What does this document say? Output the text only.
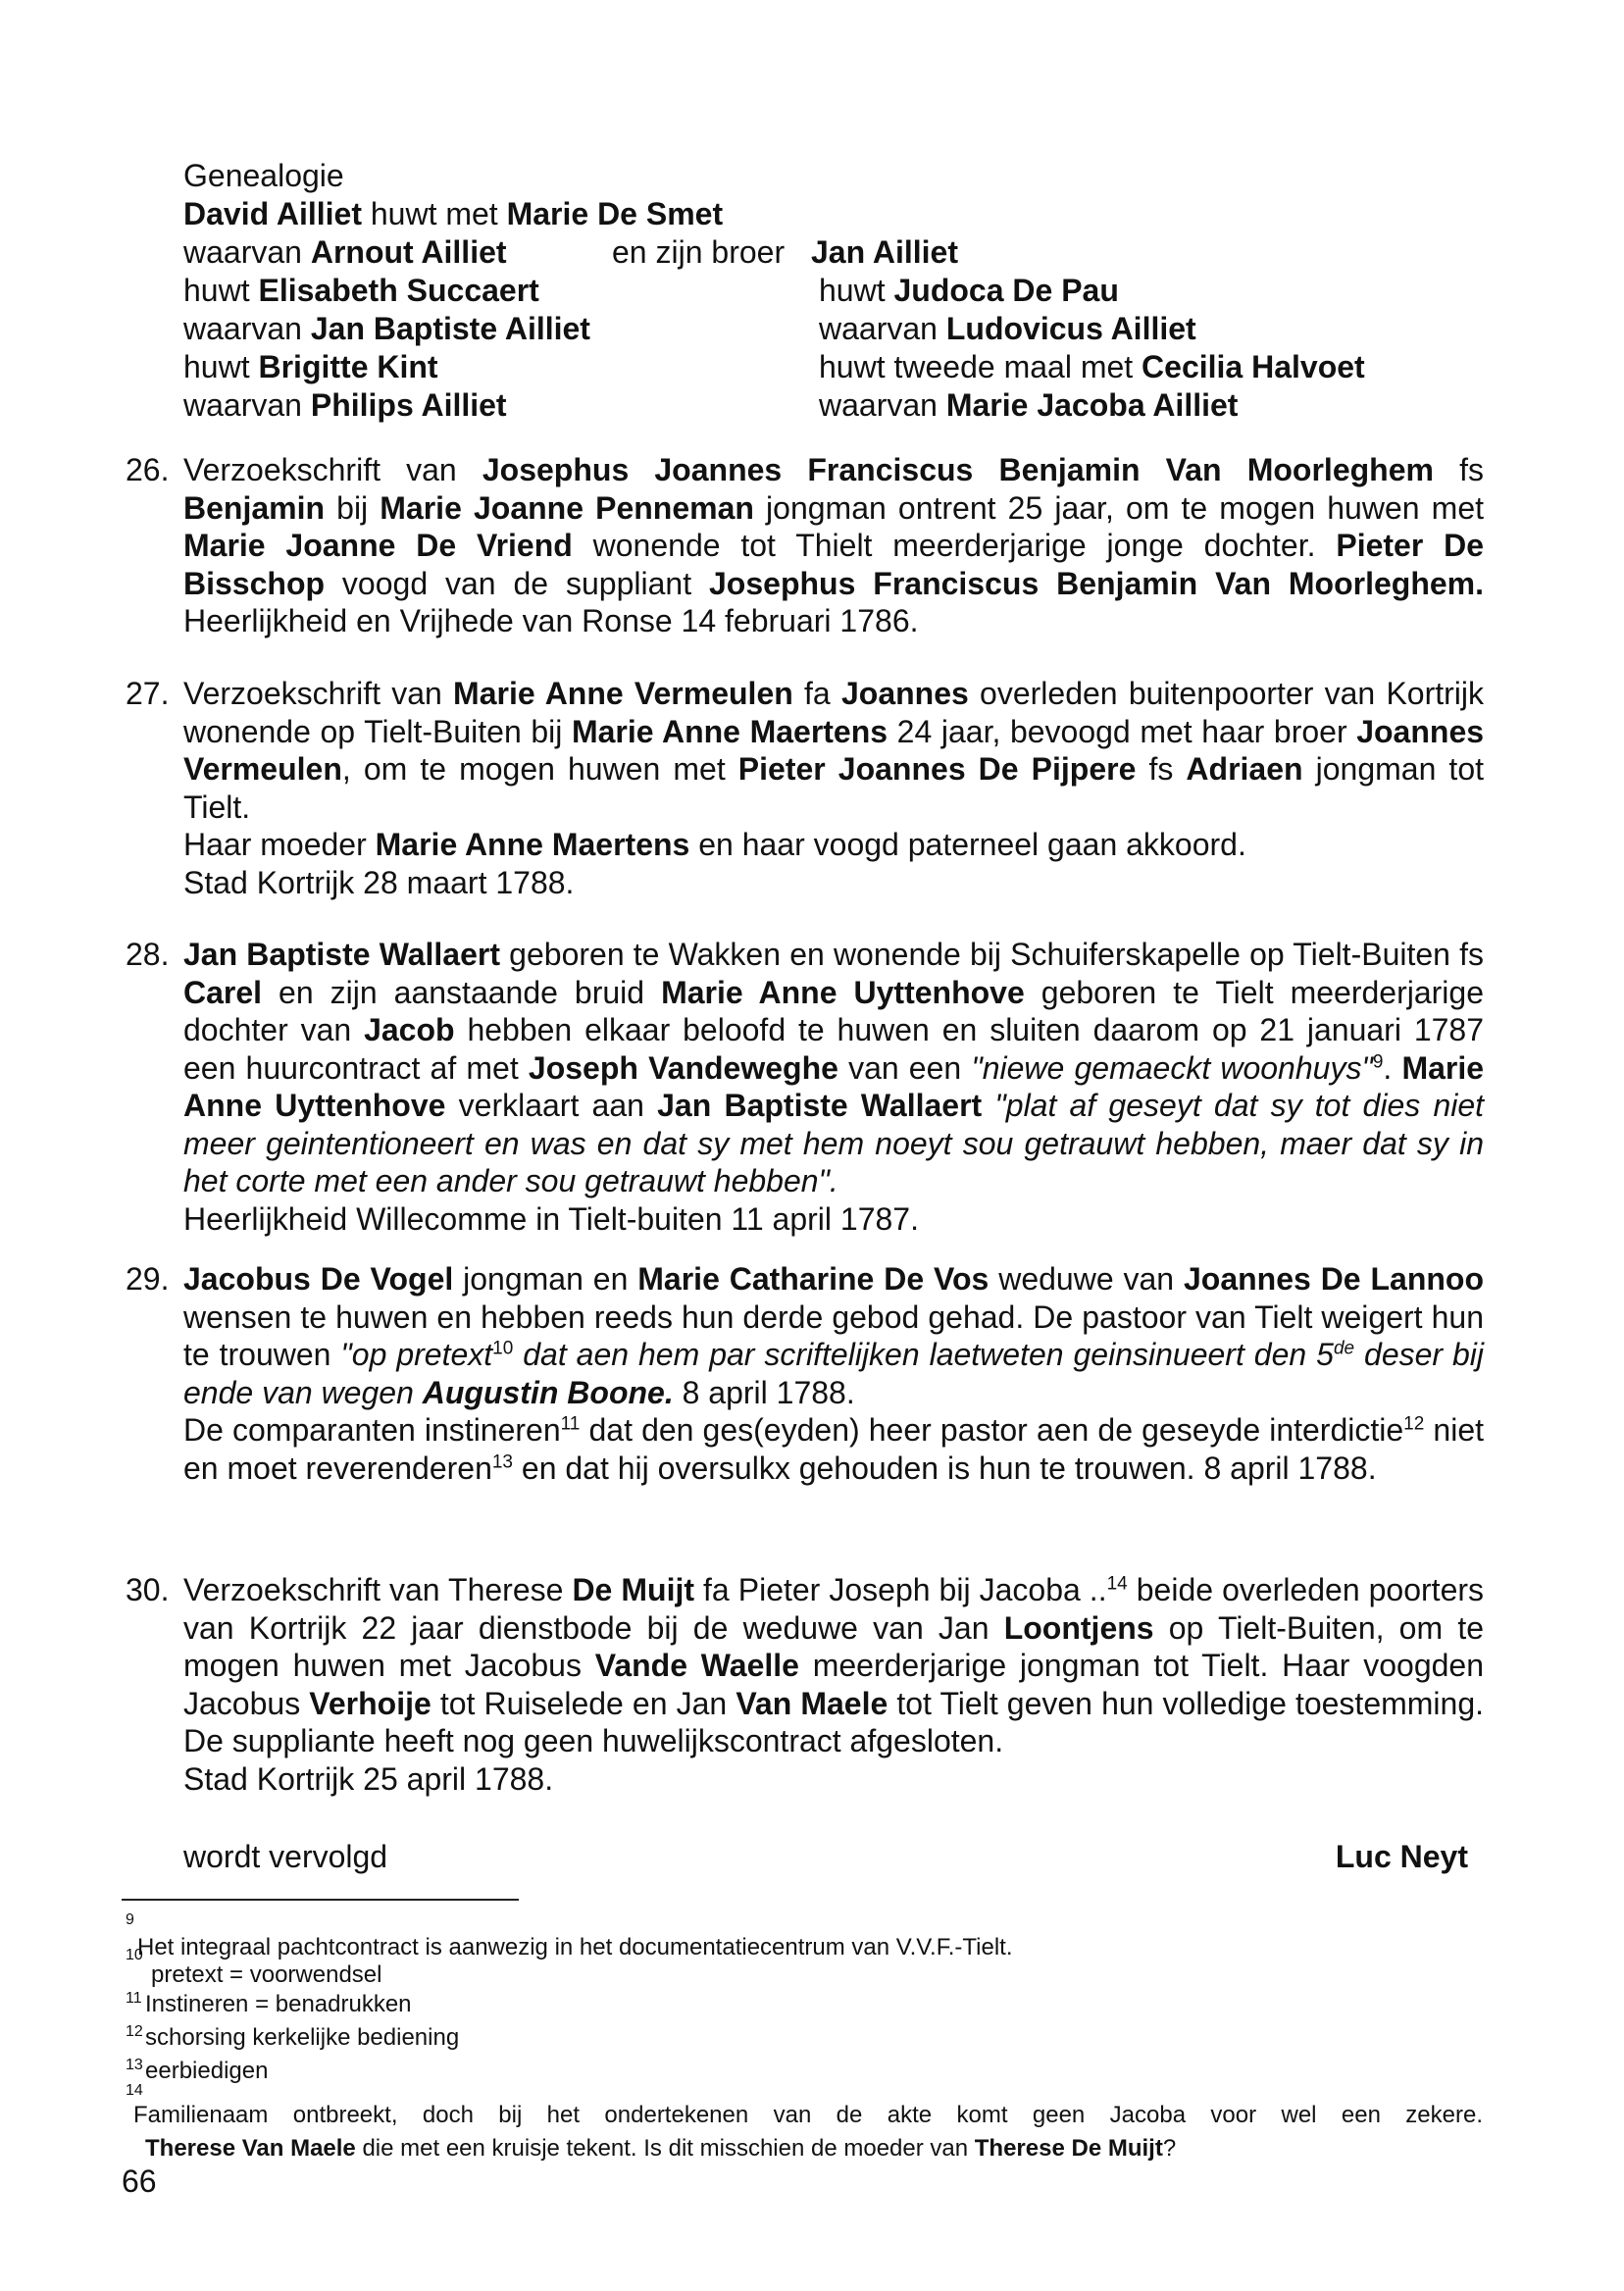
Genealogie
David Ailliet huwt met Marie De Smet
waarvan Arnout Ailliet	en zijn broer Jan Ailliet
huwt Elisabeth Succaert	huwt Judoca De Pau
waarvan Jan Baptiste Ailliet	waarvan Ludovicus Ailliet
huwt Brigitte Kint	huwt tweede maal met Cecilia Halvoet
waarvan Philips Ailliet	waarvan Marie Jacoba Ailliet
26. Verzoekschrift van Josephus Joannes Franciscus Benjamin Van Moorleghem fs Benjamin bij Marie Joanne Penneman jongman ontrent 25 jaar, om te mogen huwen met Marie Joanne De Vriend wonende tot Thielt meerderjarige jonge dochter. Pieter De Bisschop voogd van de suppliant Josephus Franciscus Benjamin Van Moorleghem. Heerlijkheid en Vrijhede van Ronse 14 februari 1786.

27. Verzoekschrift van Marie Anne Vermeulen fa Joannes overleden buitenpoorter van Kortrijk wonende op Tielt-Buiten bij Marie Anne Maertens 24 jaar, bevoogd met haar broer Joannes Vermeulen, om te mogen huwen met Pieter Joannes De Pijpere fs Adriaen jongman tot Tielt.

Haar moeder Marie Anne Maertens en haar voogd paterneel gaan akkoord.

Stad Kortrijk 28 maart 1788.

28. Jan Baptiste Wallaert geboren te Wakken en wonende bij Schuiferskapelle op Tielt-Buiten fs Carel en zijn aanstaande bruid Marie Anne Uyttenhove geboren te Tielt meerderjarige dochter van Jacob hebben elkaar beloofd te huwen en sluiten daarom op 21 januari 1787 een huurcontract af met Joseph Vandeweghe van een "niewe gemaeckt woonhuys"$^9$. Marie Anne Uyttenhove verklaart aan Jan Baptiste Wallaert "plat af geseyt dat sy tot dies niet meer geintentioneert en was en dat sy met hem noeyt sou getrauwt hebben, maer dat sy in het corte met een ander sou getrauwt hebben".

Heerlijkheid Willecomme in Tielt-buiten 11 april 1787.

29. Jacobus De Vogel jongman en Marie Catharine De Vos weduwe van Joannes De Lannoo wensen te huwen en hebben reeds hun derde gebod gehad. De pastoor van Tielt weigert hun te trouwen "op pretext$^{10}$ dat aen hem par scriftelijken laetweten geinsinueert den 5de deser bij ende van wegen Augustin Boone. 8 april 1788.

De comparanten instineren$^{11}$ dat den ges(eyden) heer pastor aen de geseyde interdictie$^{12}$ niet en moet reverenderen$^{13}$ en dat hij oversulkx gehouden is hun te trouwen. 8 april 1788.

30. Verzoekschrift van Therese De Muijt fa Pieter Joseph bij Jacoba ..$^{14}$ beide overleden poorters van Kortrijk 22 jaar dienstbode bij de weduwe van Jan Loontjens op Tielt-Buiten, om te mogen huwen met Jacobus Vande Waelle meerderjarige jongman tot Tielt. Haar voogden Jacobus Verhoije tot Ruiselede en Jan Van Maele tot Tielt geven hun volledige toestemming. De suppliante heeft nog geen huwelijkscontract afgesloten.

Stad Kortrijk 25 april 1788.

wordt vervolgd	Luc Neyt
9
Het integraal pachtcontract is aanwezig in het documentatiecentrum van V.V.F.-Tielt.
10
pretext = voorwendsel
11 Instineren = benadrukken
12 schorsing kerkelijke bediening
13 eerbiedigen
14
Familienaam ontbreekt, doch bij het ondertekenen van de akte komt geen Jacoba voor wel een zekere.
Therese Van Maele die met een kruisje tekent. Is dit misschien de moeder van Therese De Muijt?
66
